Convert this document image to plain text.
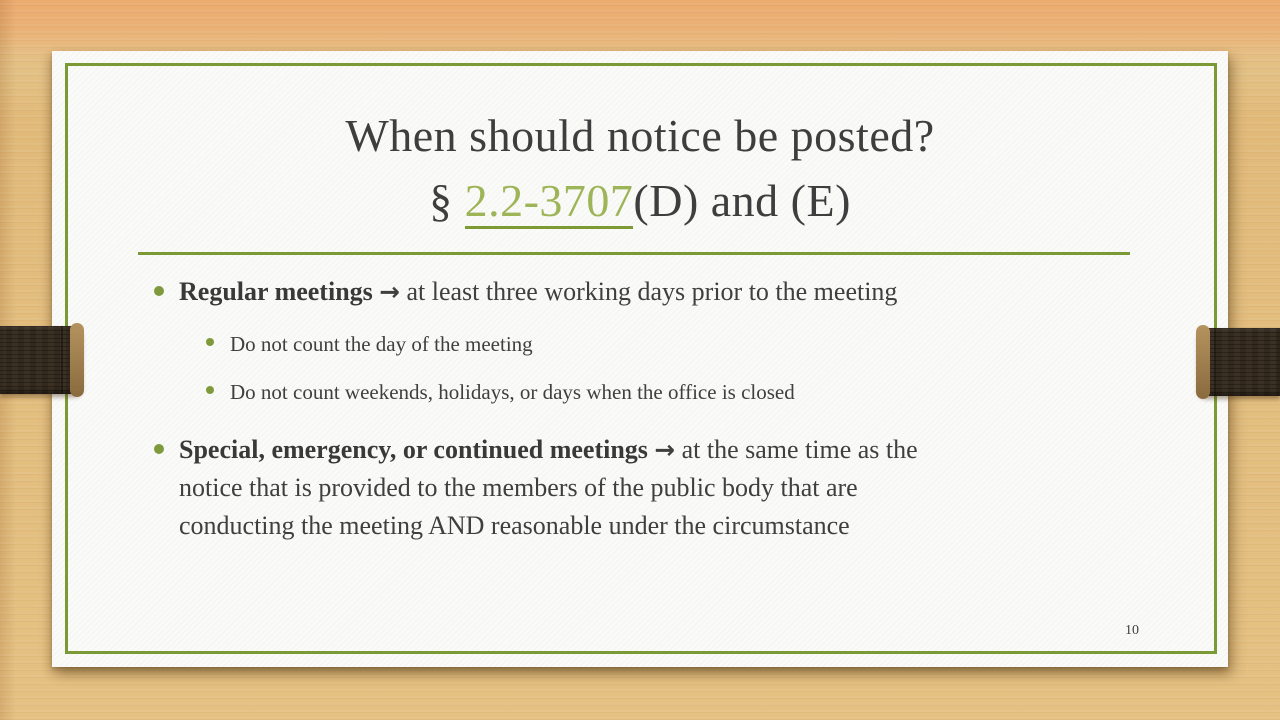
When should notice be posted?
§ 2.2-3707(D) and (E)
Regular meetings → at least three working days prior to the meeting
Do not count the day of the meeting
Do not count weekends, holidays, or days when the office is closed
Special, emergency, or continued meetings → at the same time as the
notice that is provided to the members of the public body that are
conducting the meeting AND reasonable under the circumstance
10
